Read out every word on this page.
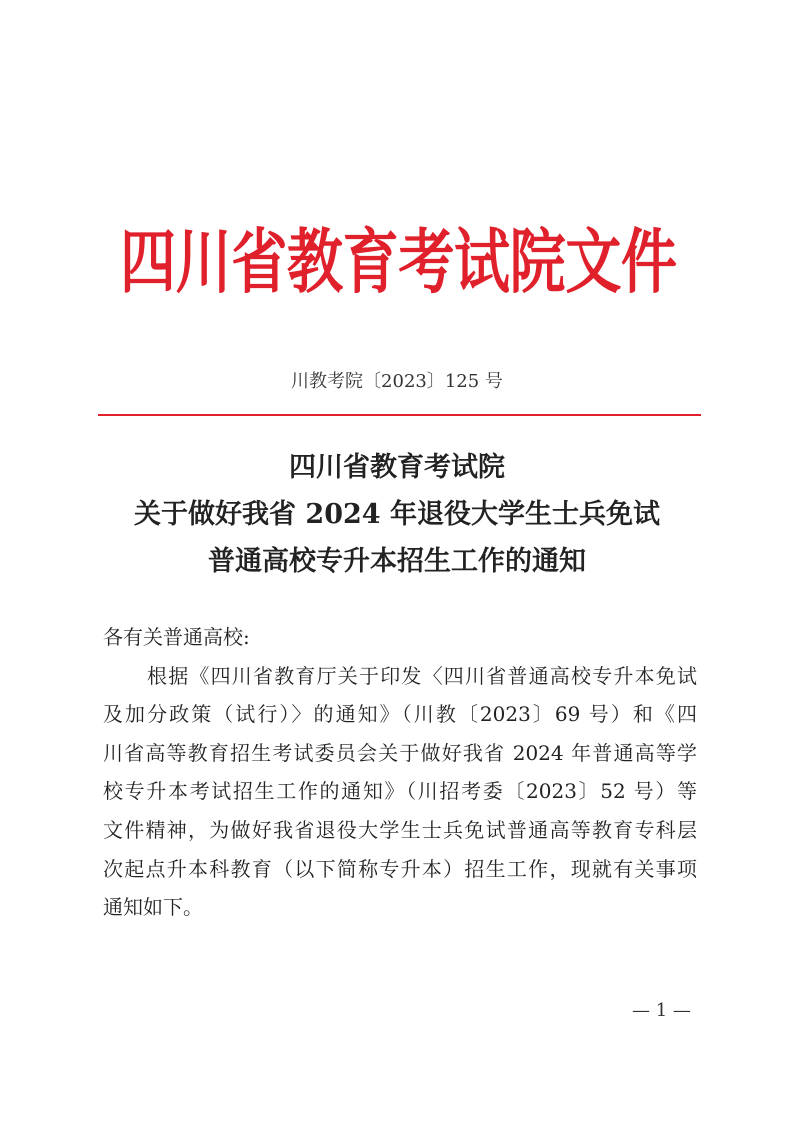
四川省教育考试院文件
川教考院〔2023〕125 号
四川省教育考试院
关于做好我省 2024 年退役大学生士兵免试
普通高校专升本招生工作的通知
各有关普通高校:
根据《四川省教育厅关于印发〈四川省普通高校专升本免试
及加分政策（试行）〉的通知》（川教〔2023〕69 号）和《四
川省高等教育招生考试委员会关于做好我省 2024 年普通高等学
校专升本考试招生工作的通知》（川招考委〔2023〕52 号）等
文件精神，为做好我省退役大学生士兵免试普通高等教育专科层
次起点升本科教育（以下简称专升本）招生工作，现就有关事项
通知如下。
— 1 —
